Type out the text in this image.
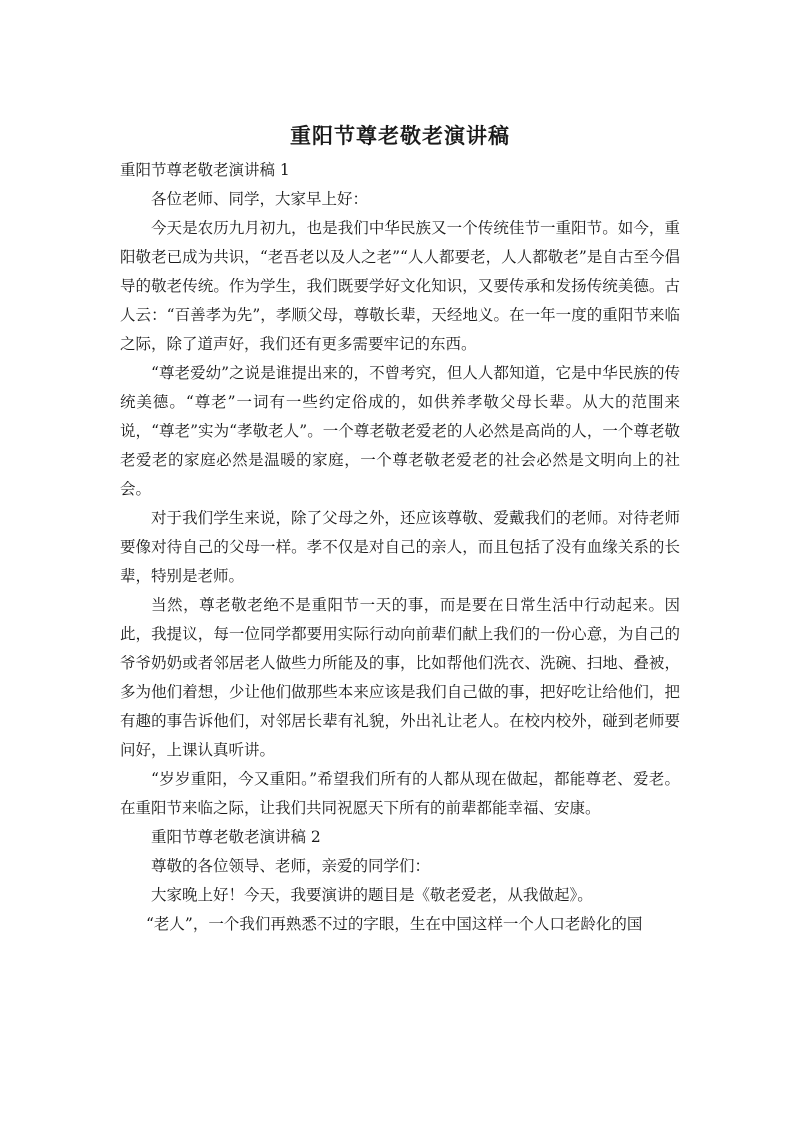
重阳节尊老敬老演讲稿

重阳节尊老敬老演讲稿 1

各位老师、同学，大家早上好：

今天是农历九月初九，也是我们中华民族又一个传统佳节一重阳节。如今，重阳敬老已成为共识，“老吾老以及人之老”“人人都要老，人人都敬老”是自古至今倡导的敬老传统。作为学生，我们既要学好文化知识，又要传承和发扬传统美德。古人云：“百善孝为先”，孝顺父母，尊敬长辈，天经地义。在一年一度的重阳节来临之际，除了道声好，我们还有更多需要牢记的东西。

“尊老爱幼”之说是谁提出来的，不曾考究，但人人都知道，它是中华民族的传统美德。“尊老”一词有一些约定俗成的，如供养孝敬父母长辈。从大的范围来说，“尊老”实为“孝敬老人”。一个尊老敬老爱老的人必然是高尚的人，一个尊老敬老爱老的家庭必然是温暖的家庭，一个尊老敬老爱老的社会必然是文明向上的社会。

对于我们学生来说，除了父母之外，还应该尊敬、爱戴我们的老师。对待老师要像对待自己的父母一样。孝不仅是对自己的亲人，而且包括了没有血缘关系的长辈，特别是老师。

当然，尊老敬老绝不是重阳节一天的事，而是要在日常生活中行动起来。因此，我提议，每一位同学都要用实际行动向前辈们献上我们的一份心意，为自己的爷爷奶奶或者邻居老人做些力所能及的事，比如帮他们洗衣、洗碗、扫地、叠被，多为他们着想，少让他们做那些本来应该是我们自己做的事，把好吃让给他们，把有趣的事告诉他们，对邻居长辈有礼貌，外出礼让老人。在校内校外，碰到老师要问好，上课认真听讲。

“岁岁重阳，今又重阳。”希望我们所有的人都从现在做起，都能尊老、爱老。在重阳节来临之际，让我们共同祝愿天下所有的前辈都能幸福、安康。

重阳节尊老敬老演讲稿 2

尊敬的各位领导、老师，亲爱的同学们：

大家晚上好！今天，我要演讲的题目是《敬老爱老，从我做起》。

“老人”，一个我们再熟悉不过的字眼，生在中国这样一个人口老龄化的国
